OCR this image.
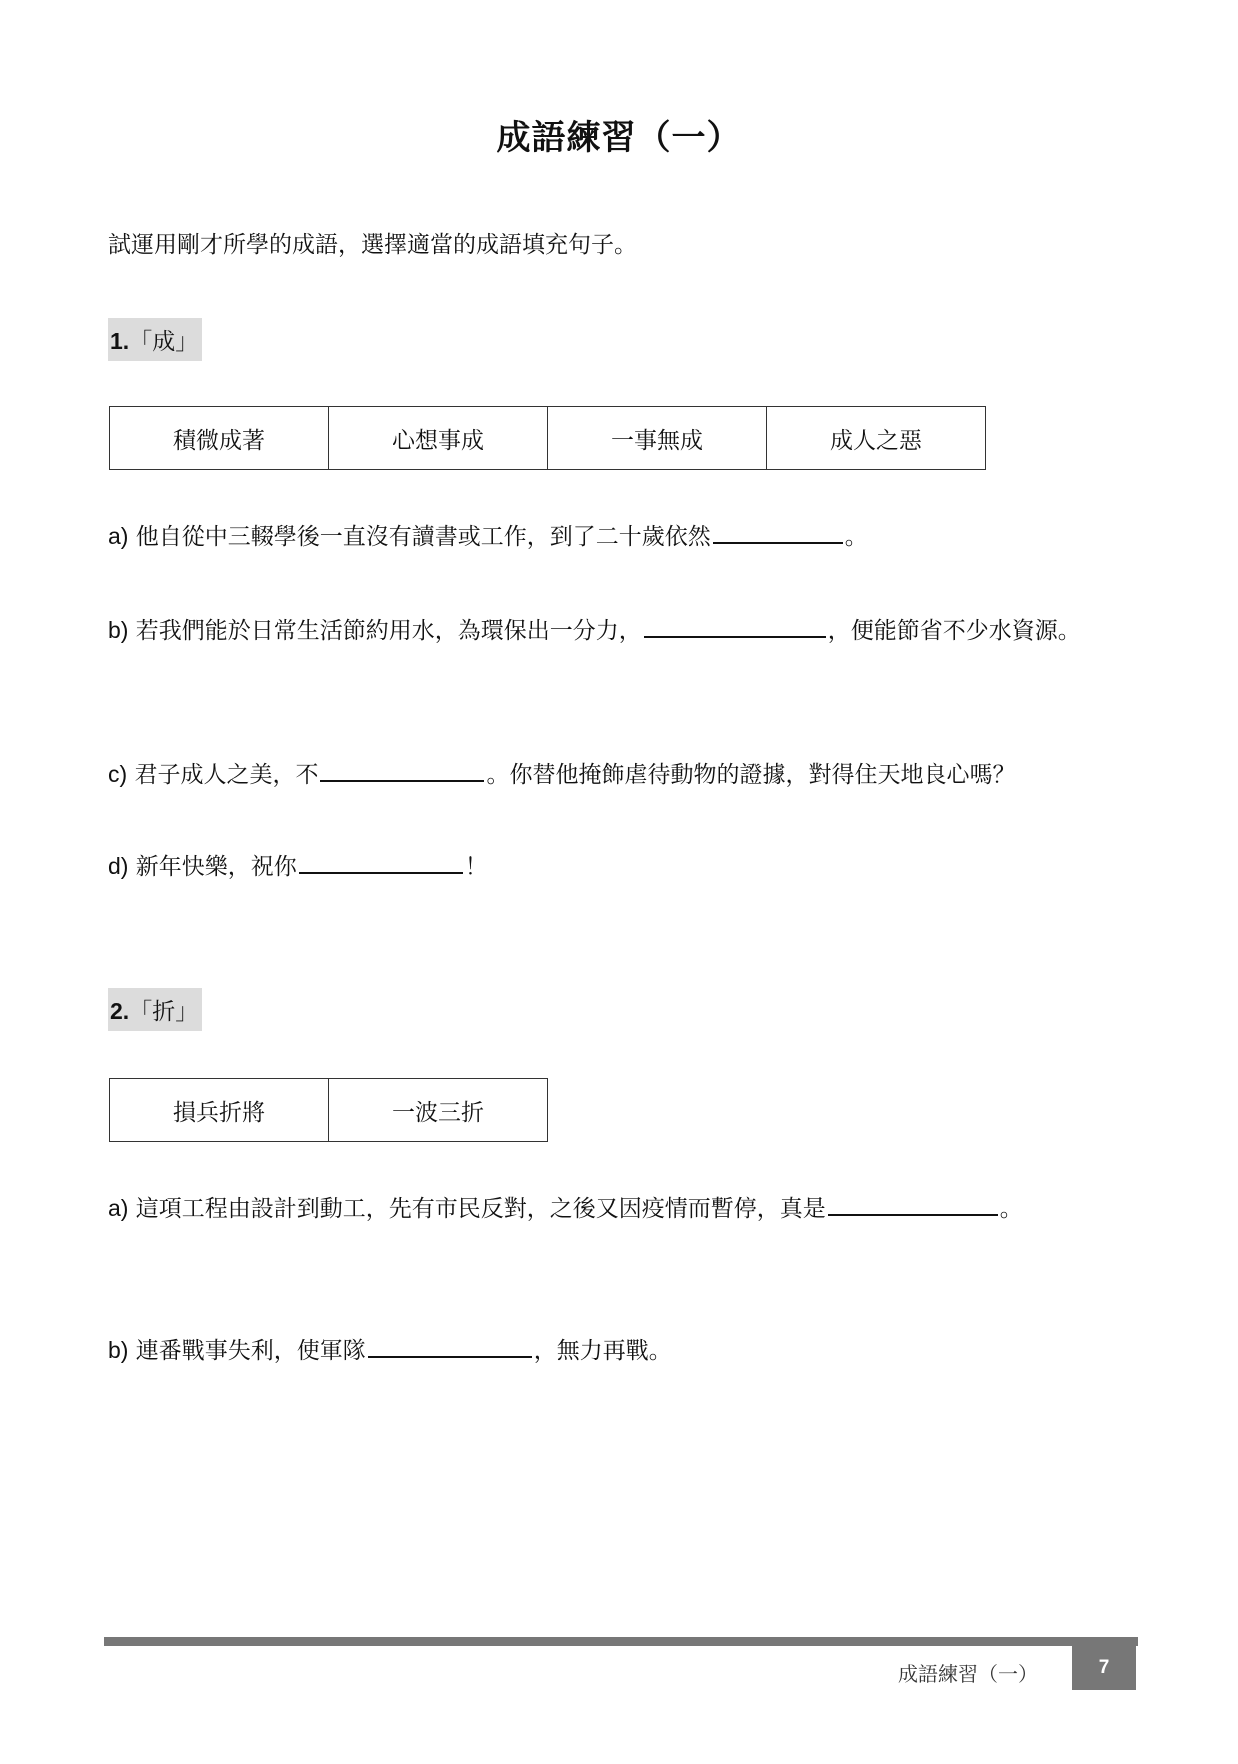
成語練習（一）
試運用剛才所學的成語，選擇適當的成語填充句子。
1.「成」
積微成著	心想事成	一事無成	成人之惡
a) 他自從中三輟學後一直沒有讀書或工作，到了二十歲依然	。
b) 若我們能於日常生活節約用水，為環保出一分力，	，便能節省不少水資源。
c) 君子成人之美，不	。你替他掩飾虐待動物的證據，對得住天地良心嗎？
d) 新年快樂，祝你	！
2.「折」
損兵折將	一波三折
a) 這項工程由設計到動工，先有市民反對，之後又因疫情而暫停，真是	。
b) 連番戰事失利，使軍隊	，無力再戰。
成語練習（一）	7
